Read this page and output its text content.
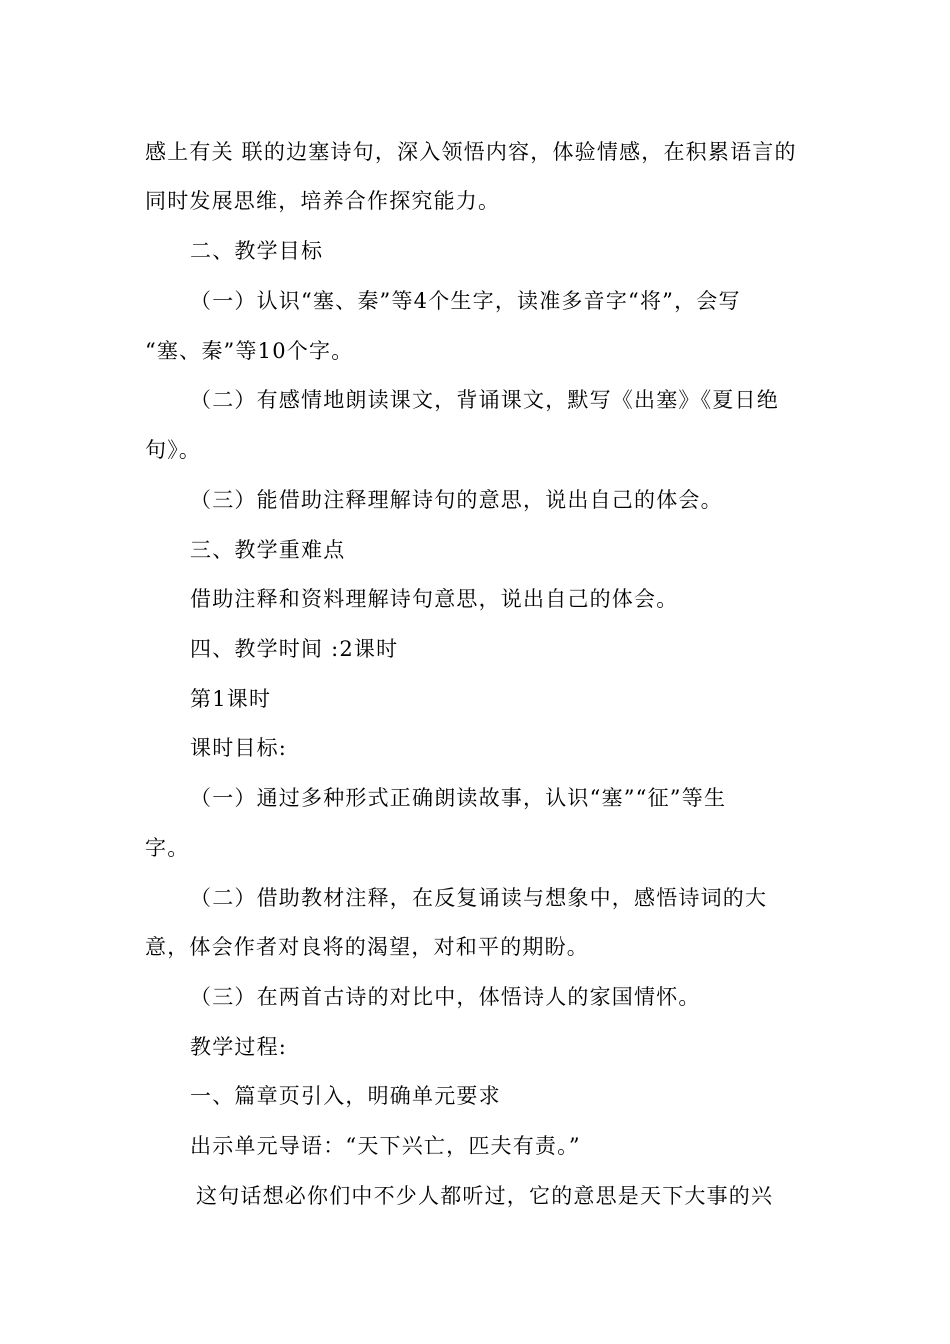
感上有关 联的边塞诗句，深入领悟内容，体验情感，在积累语言的
同时发展思维，培养合作探究能力。
二、教学目标
（一）认识“塞、秦”等4个生字，读准多音字“将”，会写
“塞、秦”等10个字。
（二）有感情地朗读课文，背诵课文，默写《出塞》《夏日绝
句》。
（三）能借助注释理解诗句的意思，说出自己的体会。
三、教学重难点
借助注释和资料理解诗句意思，说出自己的体会。
四、教学时间 :2课时
第1课时
课时目标:
（一）通过多种形式正确朗读故事，认识“塞”“征”等生
字。
（二）借助教材注释，在反复诵读与想象中，感悟诗词的大
意，体会作者对良将的渴望，对和平的期盼。
（三）在两首古诗的对比中，体悟诗人的家国情怀。
教学过程:
一、篇章页引入，明确单元要求
出示单元导语：“天下兴亡，匹夫有责。”
这句话想必你们中不少人都听过，它的意思是天下大事的兴
